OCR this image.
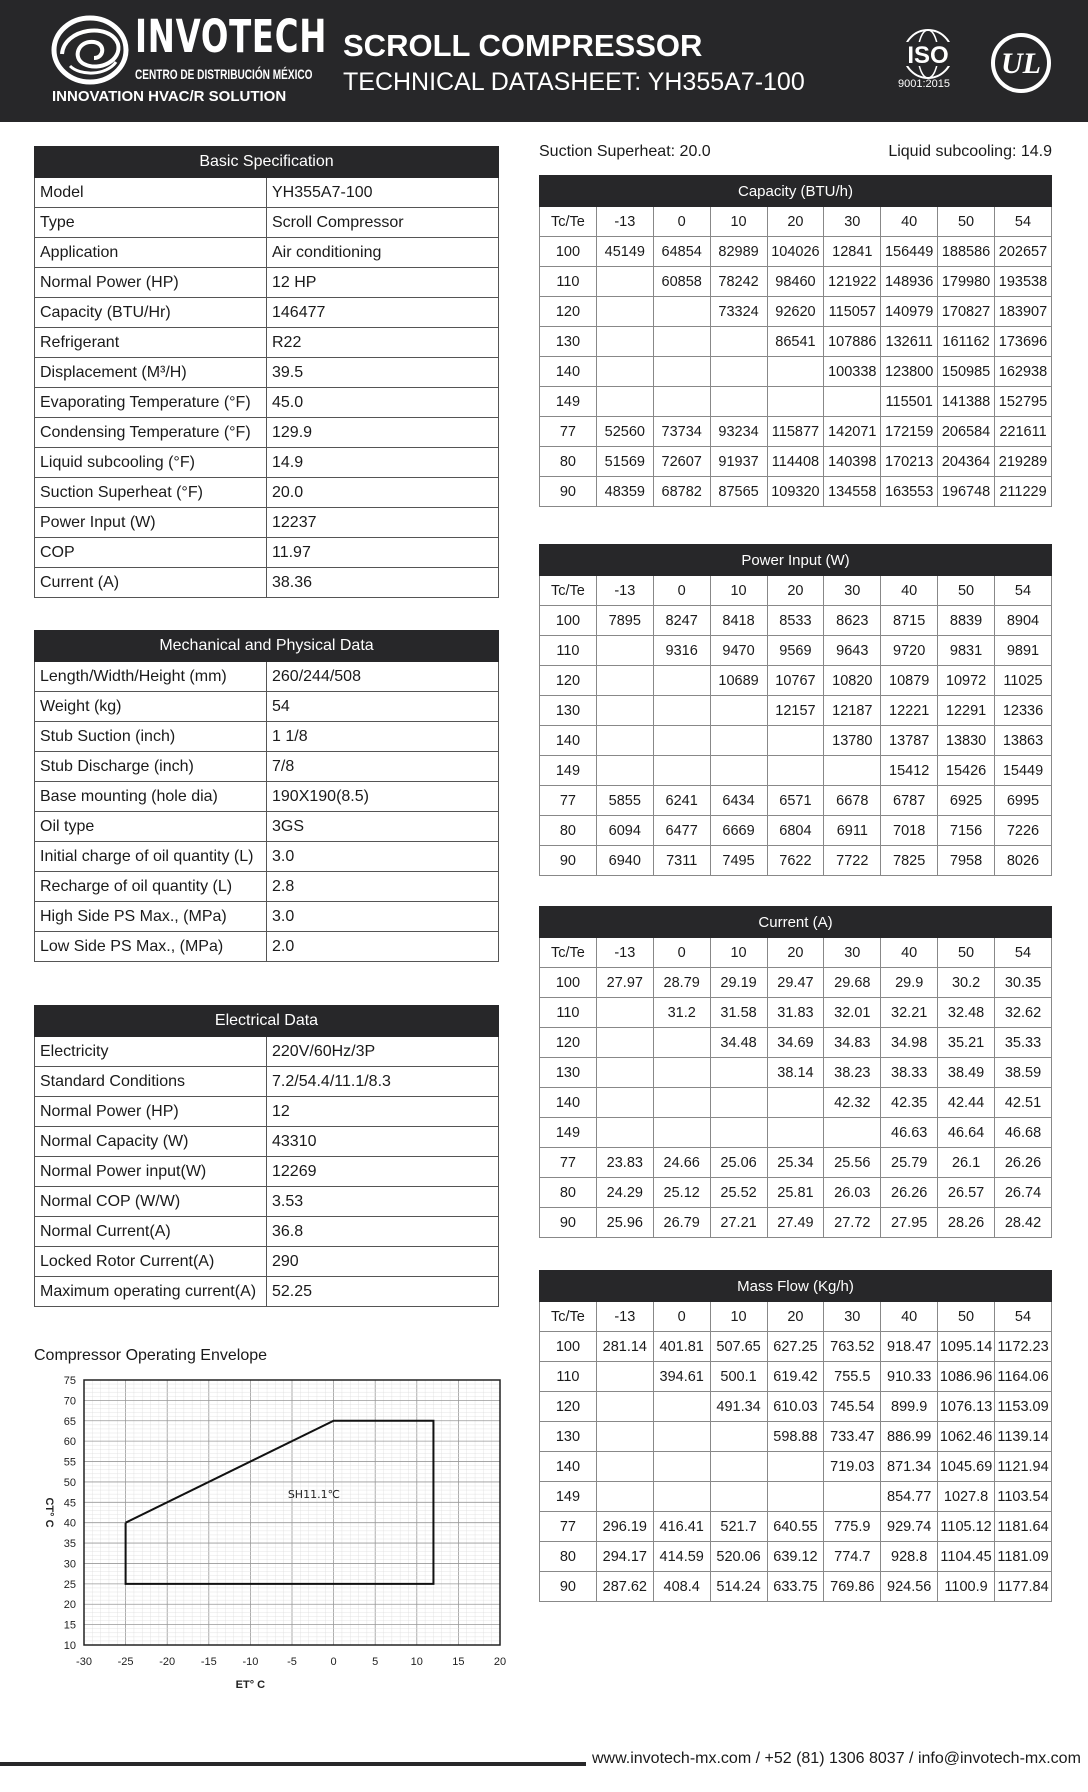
INVOTECH
CENTRO DE DISTRIBUCIÓN MÉXICO
INNOVATION HVAC/R SOLUTION
SCROLL COMPRESSOR
TECHNICAL DATASHEET: YH355A7-100
ISO
9001:2015
UL
Basic Specification	
Model	YH355A7-100
Type	Scroll Compressor
Application	Air conditioning
Normal Power (HP)	12 HP
Capacity (BTU/Hr)	146477
Refrigerant	R22
Displacement (M³/H)	39.5
Evaporating Temperature (°F)	45.0
Condensing Temperature (°F)	129.9
Liquid subcooling (°F)	14.9
Suction Superheat (°F)	20.0
Power Input (W)	12237
COP	11.97
Current (A)	38.36
Mechanical and Physical Data	
Length/Width/Height (mm)	260/244/508
Weight (kg)	54
Stub Suction (inch)	1 1/8
Stub Discharge (inch)	7/8
Base mounting (hole dia)	190X190(8.5)
Oil type	3GS
Initial charge of oil quantity (L)	3.0
Recharge of oil quantity (L)	2.8
High Side PS Max., (MPa)	3.0
Low Side PS Max., (MPa)	2.0
Electrical Data	
Electricity	220V/60Hz/3P
Standard Conditions	7.2/54.4/11.1/8.3
Normal Power (HP)	12
Normal Capacity (W)	43310
Normal Power input(W)	12269
Normal COP (W/W)	3.53
Normal Current(A)	36.8
Locked Rotor Current(A)	290
Maximum operating current(A)	52.25
Suction Superheat: 20.0	Liquid subcooling: 14.9
Capacity (BTU/h)								
Tc/Te	-13	0	10	20	30	40	50	54
100	45149	64854	82989	104026	12841	156449	188586	202657
110		60858	78242	98460	121922	148936	179980	193538
120			73324	92620	115057	140979	170827	183907
130				86541	107886	132611	161162	173696
140					100338	123800	150985	162938
149						115501	141388	152795
77	52560	73734	93234	115877	142071	172159	206584	221611
80	51569	72607	91937	114408	140398	170213	204364	219289
90	48359	68782	87565	109320	134558	163553	196748	211229
Power Input (W)								
Tc/Te	-13	0	10	20	30	40	50	54
100	7895	8247	8418	8533	8623	8715	8839	8904
110		9316	9470	9569	9643	9720	9831	9891
120			10689	10767	10820	10879	10972	11025
130				12157	12187	12221	12291	12336
140					13780	13787	13830	13863
149						15412	15426	15449
77	5855	6241	6434	6571	6678	6787	6925	6995
80	6094	6477	6669	6804	6911	7018	7156	7226
90	6940	7311	7495	7622	7722	7825	7958	8026
Current (A)								
Tc/Te	-13	0	10	20	30	40	50	54
100	27.97	28.79	29.19	29.47	29.68	29.9	30.2	30.35
110		31.2	31.58	31.83	32.01	32.21	32.48	32.62
120			34.48	34.69	34.83	34.98	35.21	35.33
130				38.14	38.23	38.33	38.49	38.59
140					42.32	42.35	42.44	42.51
149						46.63	46.64	46.68
77	23.83	24.66	25.06	25.34	25.56	25.79	26.1	26.26
80	24.29	25.12	25.52	25.81	26.03	26.26	26.57	26.74
90	25.96	26.79	27.21	27.49	27.72	27.95	28.26	28.42
Mass Flow (Kg/h)								
Tc/Te	-13	0	10	20	30	40	50	54
100	281.14	401.81	507.65	627.25	763.52	918.47	1095.14	1172.23
110		394.61	500.1	619.42	755.5	910.33	1086.96	1164.06
120			491.34	610.03	745.54	899.9	1076.13	1153.09
130				598.88	733.47	886.99	1062.46	1139.14
140					719.03	871.34	1045.69	1121.94
149						854.77	1027.8	1103.54
77	296.19	416.41	521.7	640.55	775.9	929.74	1105.12	1181.64
80	294.17	414.59	520.06	639.12	774.7	928.8	1104.45	1181.09
90	287.62	408.4	514.24	633.75	769.86	924.56	1100.9	1177.84
Compressor Operating Envelope
-30 -25 -20 -15 -10	-5	0	5	10	15	20
10
15
20
25
30
35
40
45
50
55
60
65
70
75
SH11.1℃
ET° C
CT° C
www.invotech-mx.com / +52 (81) 1306 8037 / info@invotech-mx.com
